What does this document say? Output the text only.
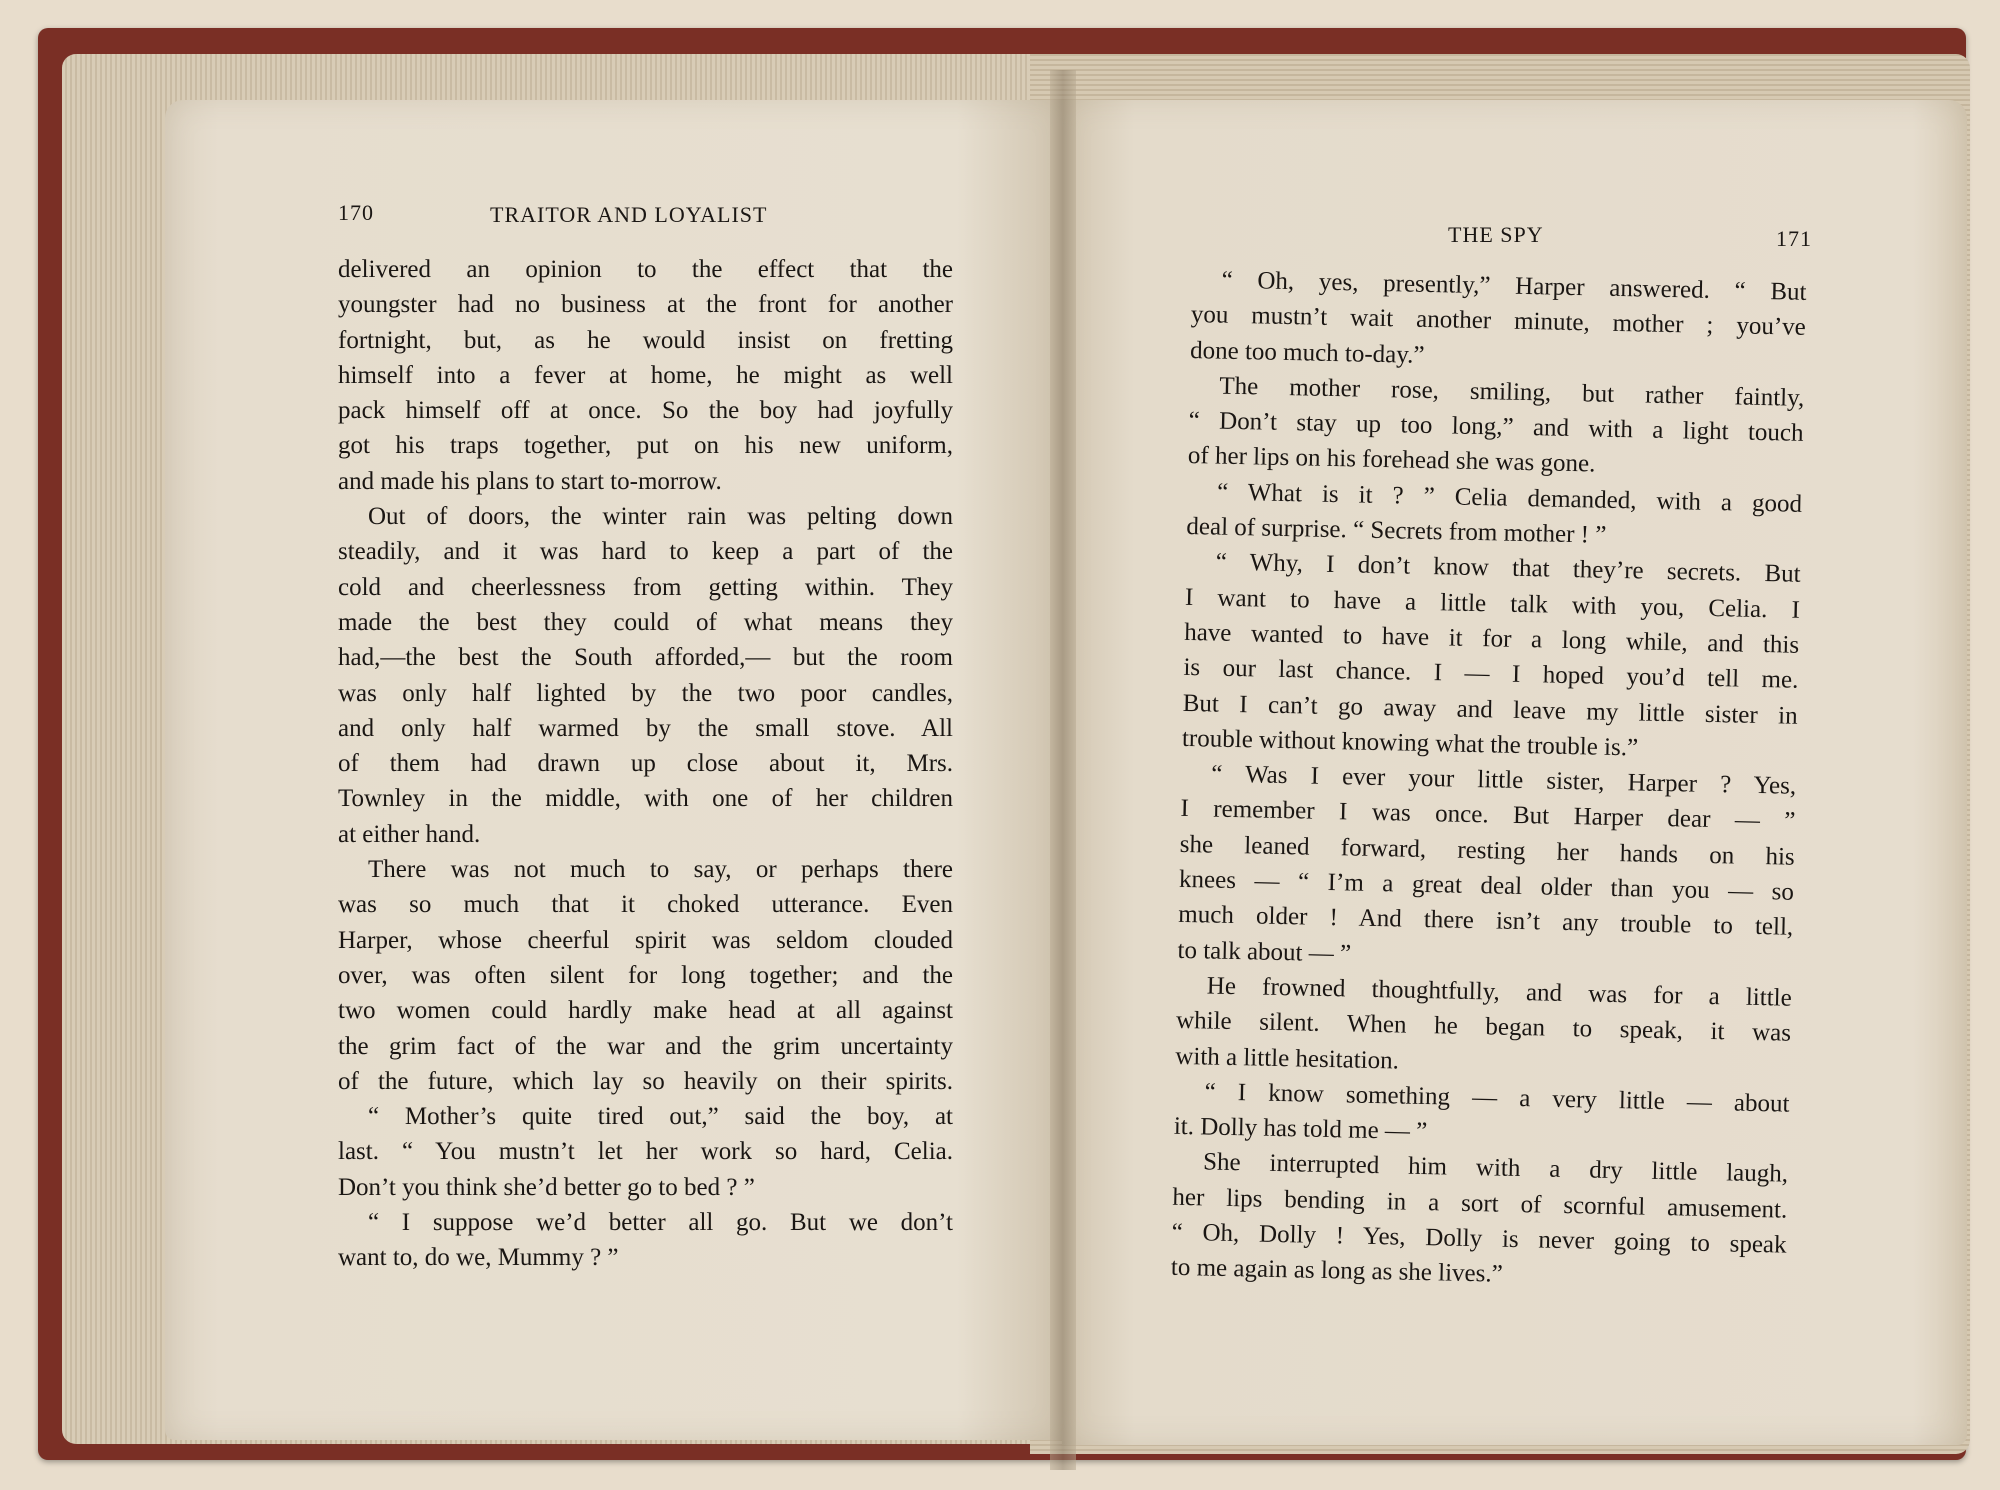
170	TRAITOR AND LOYALIST
THE SPY	171

delivered an opinion to the effect that the

youngster had no business at the front for another

fortnight, but, as he would insist on fretting

himself into a fever at home, he might as well

pack himself off at once. So the boy had joyfully

got his traps together, put on his new uniform,

and made his plans to start to-morrow.

Out of doors, the winter rain was pelting down

steadily, and it was hard to keep a part of the

cold and cheerlessness from getting within. They

made the best they could of what means they

had,—the best the South afforded,— but the room

was only half lighted by the two poor candles,

and only half warmed by the small stove. All

of them had drawn up close about it, Mrs.

Townley in the middle, with one of her children

at either hand.

There was not much to say, or perhaps there

was so much that it choked utterance. Even

Harper, whose cheerful spirit was seldom clouded

over, was often silent for long together; and the

two women could hardly make head at all against

the grim fact of the war and the grim uncertainty

of the future, which lay so heavily on their spirits.

“ Mother’s quite tired out,” said the boy, at

last. “ You mustn’t let her work so hard, Celia.

Don’t you think she’d better go to bed ? ”

“ I suppose we’d better all go. But we don’t

want to, do we, Mummy ? ”

“ Oh, yes, presently,” Harper answered. “ But

you mustn’t wait another minute, mother ; you’ve

done too much to-day.”

The mother rose, smiling, but rather faintly,

“ Don’t stay up too long,” and with a light touch

of her lips on his forehead she was gone.

“ What is it ? ” Celia demanded, with a good

deal of surprise. “ Secrets from mother ! ”

“ Why, I don’t know that they’re secrets. But

I want to have a little talk with you, Celia. I

have wanted to have it for a long while, and this

is our last chance. I — I hoped you’d tell me.

But I can’t go away and leave my little sister in

trouble without knowing what the trouble is.”

“ Was I ever your little sister, Harper ? Yes,

I remember I was once. But Harper dear — ”

she leaned forward, resting her hands on his

knees — “ I’m a great deal older than you — so

much older ! And there isn’t any trouble to tell,

to talk about — ”

He frowned thoughtfully, and was for a little

while silent. When he began to speak, it was

with a little hesitation.

“ I know something — a very little — about

it. Dolly has told me — ”

She interrupted him with a dry little laugh,

her lips bending in a sort of scornful amusement.

“ Oh, Dolly ! Yes, Dolly is never going to speak

to me again as long as she lives.”
